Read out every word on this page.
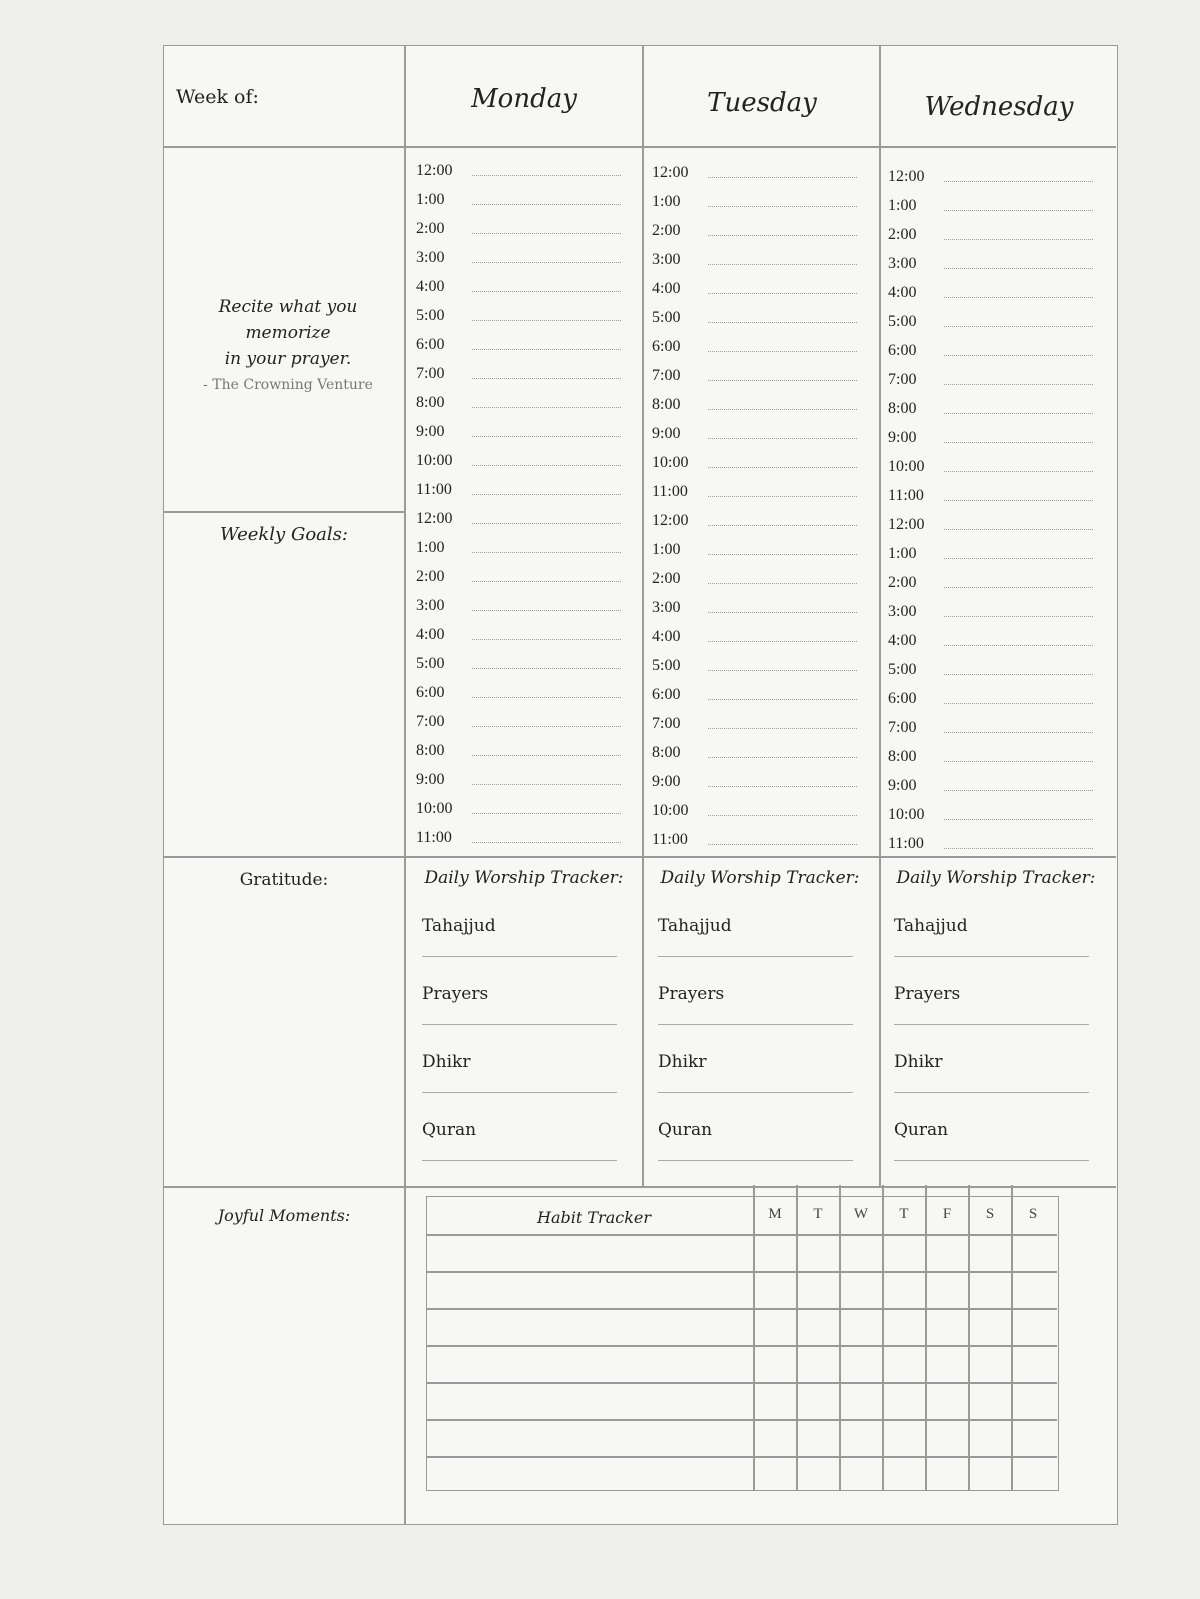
Week of:	Monday	Tuesday	Wednesday
Recite what you memorize
in your prayer.
- The Crowning Venture
Weekly Goals:
Gratitude:
Joyful Moments:
12:00
1:00
2:00
3:00
4:00
5:00
6:00
7:00
8:00
9:00
10:00
11:00
12:00
1:00
2:00
3:00
4:00
5:00
6:00
7:00
8:00
9:00
10:00
11:00
12:00
1:00
2:00
3:00
4:00
5:00
6:00
7:00
8:00
9:00
10:00
11:00
12:00
1:00
2:00
3:00
4:00
5:00
6:00
7:00
8:00
9:00
10:00
11:00
12:00
1:00
2:00
3:00
4:00
5:00
6:00
7:00
8:00
9:00
10:00
11:00
12:00
1:00
2:00
3:00
4:00
5:00
6:00
7:00
8:00
9:00
10:00
11:00
Daily Worship Tracker:
Tahajjud
Prayers
Dhikr
Quran
Daily Worship Tracker:
Tahajjud
Prayers
Dhikr
Quran
Daily Worship Tracker:
Tahajjud
Prayers
Dhikr
Quran
Habit Tracker	M	T	W	T	F	S	S
